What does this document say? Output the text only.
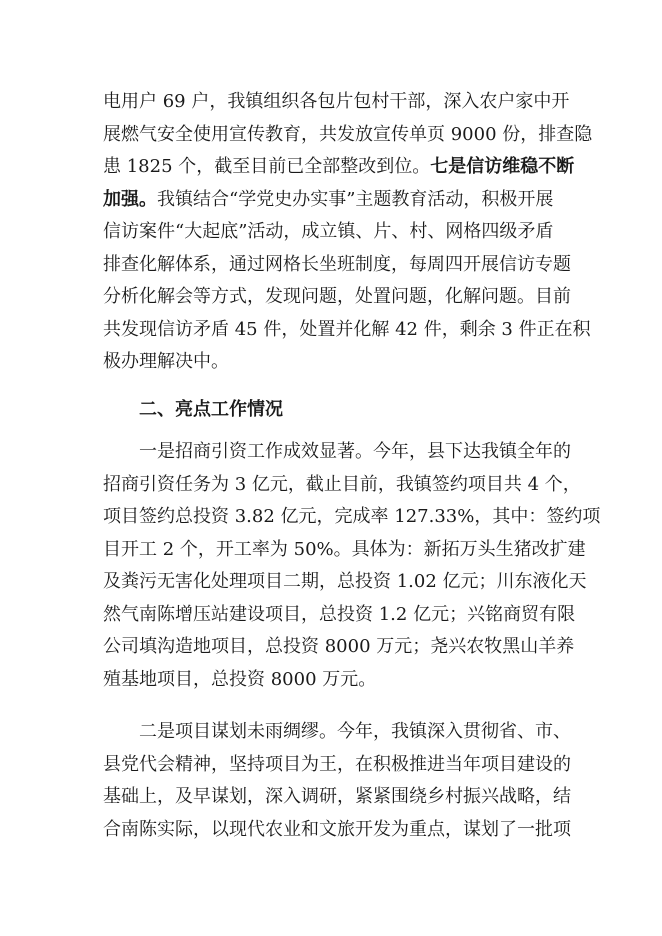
电用户 69 户，我镇组织各包片包村干部，深入农户家中开
展燃气安全使用宣传教育，共发放宣传单页 9000 份，排查隐
患 1825 个，截至目前已全部整改到位。七是信访维稳不断
加强。我镇结合“学党史办实事”主题教育活动，积极开展
信访案件“大起底”活动，成立镇、片、村、网格四级矛盾
排查化解体系，通过网格长坐班制度，每周四开展信访专题
分析化解会等方式，发现问题，处置问题，化解问题。目前
共发现信访矛盾 45 件，处置并化解 42 件，剩余 3 件正在积
极办理解决中。
二、亮点工作情况
一是招商引资工作成效显著。今年，县下达我镇全年的
招商引资任务为 3 亿元，截止目前，我镇签约项目共 4 个，
项目签约总投资 3.82 亿元，完成率 127.33%，其中：签约项
目开工 2 个，开工率为 50%。具体为：新拓万头生猪改扩建
及粪污无害化处理项目二期，总投资 1.02 亿元；川东液化天
然气南陈增压站建设项目，总投资 1.2 亿元；兴铭商贸有限
公司填沟造地项目，总投资 8000 万元；尧兴农牧黑山羊养
殖基地项目，总投资 8000 万元。
二是项目谋划未雨绸缪。今年，我镇深入贯彻省、市、
县党代会精神，坚持项目为王，在积极推进当年项目建设的
基础上，及早谋划，深入调研，紧紧围绕乡村振兴战略，结
合南陈实际，以现代农业和文旅开发为重点，谋划了一批项
